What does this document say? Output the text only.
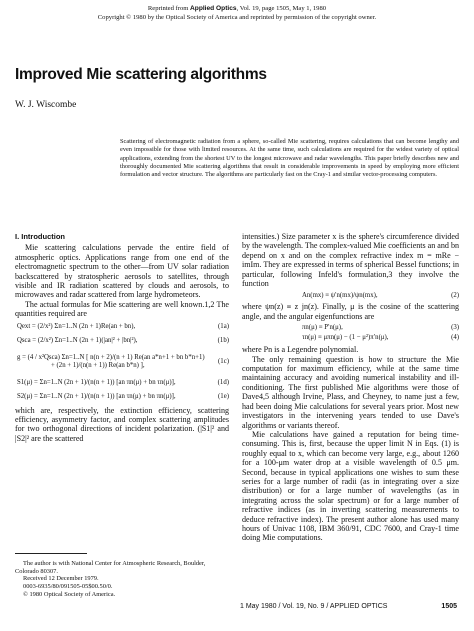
Reprinted from Applied Optics, Vol. 19, page 1505, May 1, 1980
Copyright © 1980 by the Optical Society of America and reprinted by permission of the copyright owner.
Improved Mie scattering algorithms
W. J. Wiscombe
Scattering of electromagnetic radiation from a sphere, so-called Mie scattering, requires calculations that can become lengthy and even impossible for those with limited resources. At the same time, such calculations are required for the widest variety of optical applications, extending from the shortest UV to the longest microwave and radar wavelengths. This paper briefly describes new and thoroughly documented Mie scattering algorithms that result in considerable improvements in speed by employing more efficient formulation and vector structure. The algorithms are particularly fast on the Cray-1 and similar vector-processing computers.
I. Introduction

Mie scattering calculations pervade the entire field of atmospheric optics. Applications range from one end of the electromagnetic spectrum to the other—from UV solar radiation backscattered by stratospheric aerosols to satellites, through visible and IR radiation scattered by clouds and aerosols, to microwaves and radar scattered from large hydrometeors.

The actual formulas for Mie scattering are well known.1,2 The quantities required are

Qext = (2/x²) Σn=1..N (2n + 1)Re(an + bn),	(1a)
Qsca = (2/x²) Σn=1..N (2n + 1)(|an|² + |bn|²),	(1b)
g = (4 / x²Qsca) Σn=1..N [ n(n + 2)/(n + 1) Re(an a*n+1 + bn b*n+1)
+ (2n + 1)/(n(n + 1)) Re(an b*n) ],
(1c)
S1(μ) = Σn=1..N (2n + 1)/(n(n + 1)) [an πn(μ) + bn τn(μ)],	(1d)
S2(μ) = Σn=1..N (2n + 1)/(n(n + 1)) [an τn(μ) + bn πn(μ)],	(1e)

which are, respectively, the extinction efficiency, scattering efficiency, asymmetry factor, and complex scattering amplitudes for two orthogonal directions of incident polarization. (|S1|² and |S2|² are the scattered

intensities.) Size parameter x is the sphere's circumference divided by the wavelength. The complex-valued Mie coefficients an and bn depend on x and on the complex refractive index m = mRe − imIm. They are expressed in terms of spherical Bessel functions; in particular, following Infeld's formulation,3 they involve the function

An(mx) ≡ ψ′n(mx)/ψn(mx),	(2)

where ψn(z) ≡ z jn(z). Finally, μ is the cosine of the scattering angle, and the angular eigenfunctions are

πn(μ) ≡ P′n(μ),	(3)
τn(μ) ≡ μπn(μ) − (1 − μ²)π′n(μ),	(4)

where Pn is a Legendre polynomial.

The only remaining question is how to structure the Mie computation for maximum efficiency, while at the same time maintaining accuracy and avoiding numerical instability and ill-conditioning. The first published Mie algorithms were those of Dave4,5 although Irvine, Plass, and Cheyney, to name just a few, had been doing Mie calculations for several years prior. Most new investigators in the intervening years tended to use Dave's algorithms or variants thereof.

Mie calculations have gained a reputation for being time-consuming. This is, first, because the upper limit N in Eqs. (1) is roughly equal to x, which can become very large, e.g., about 1260 for a 100-μm water drop at a visible wavelength of 0.5 μm. Second, because in typical applications one wishes to sum these series for a large number of radii (as in integrating over a size distribution) or for a large number of wavelengths (as in integrating across the solar spectrum) or for a large number of refractive indices (as in inverting scattering measurements to deduce refractive index). The present author alone has used many hours of Univac 1108, IBM 360/91, CDC 7600, and Cray-1 time doing Mie computations.

The author is with National Center for Atmospheric Research, Boulder, Colorado 80307.

Received 12 December 1979.

0003-6935/80/091505-05$00.50/0.

© 1980 Optical Society of America.

1 May 1980 / Vol. 19, No. 9 / APPLIED OPTICS	1505
